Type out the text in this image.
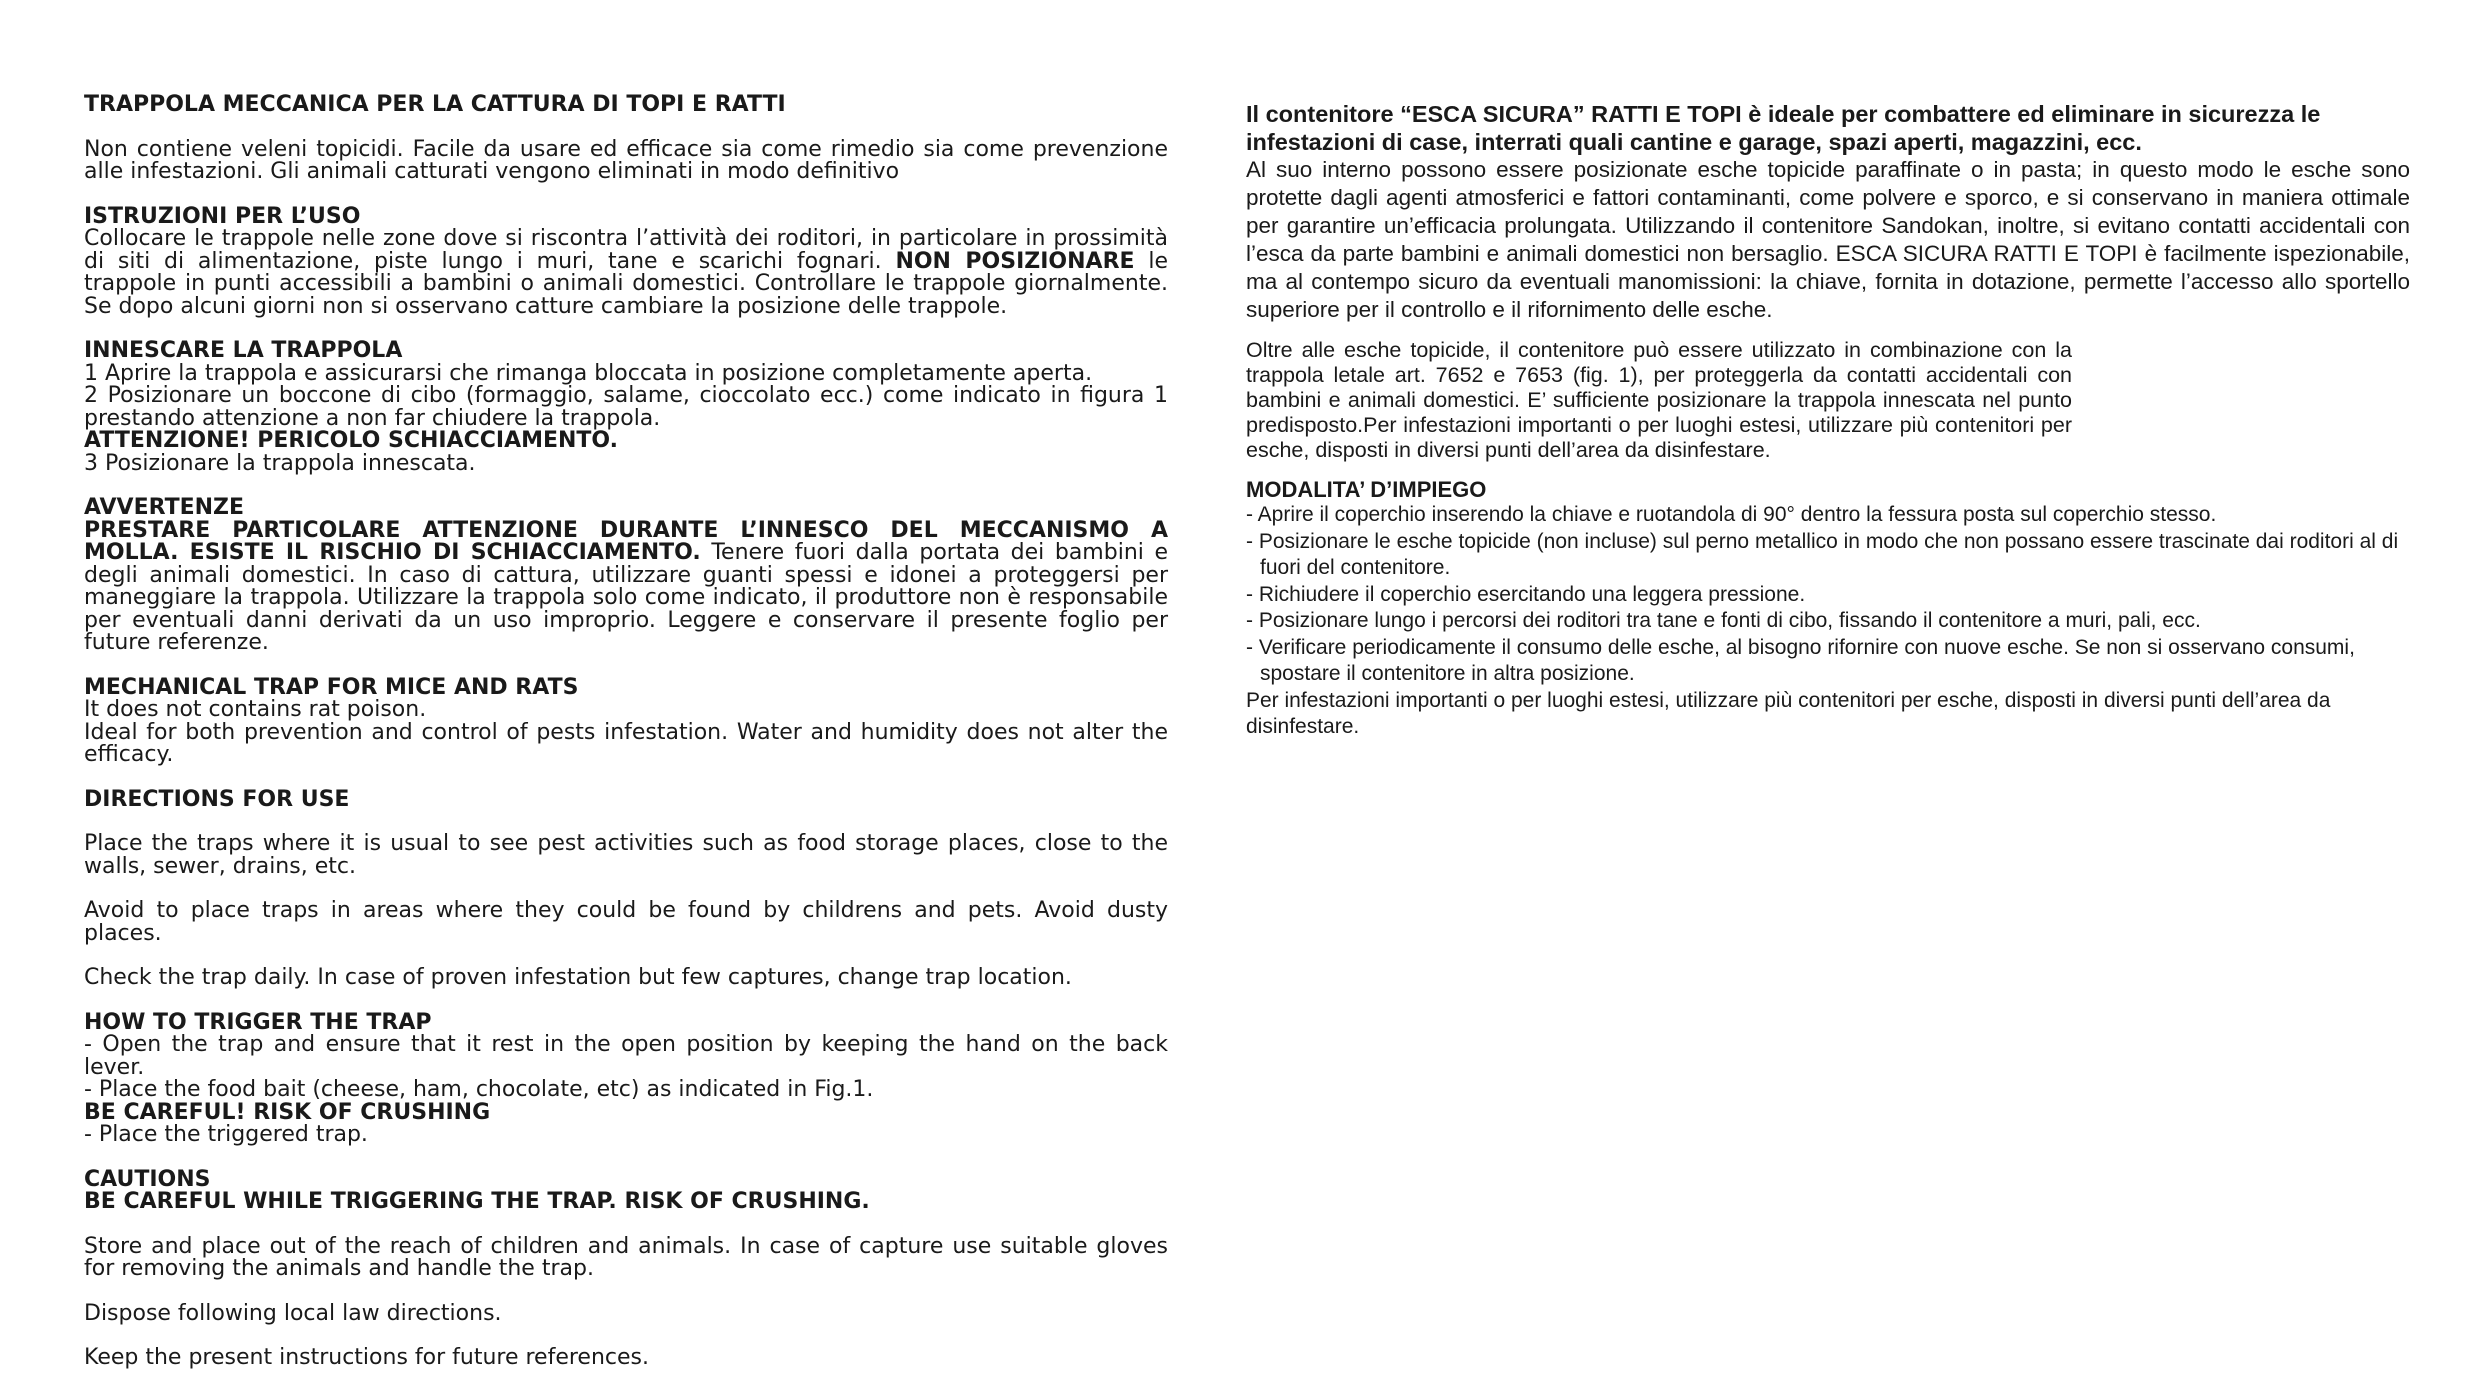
TRAPPOLA MECCANICA PER LA CATTURA DI TOPI E RATTI

Non contiene veleni topicidi. Facile da usare ed efficace sia come rimedio sia come prevenzione alle infestazioni. Gli animali catturati vengono eliminati in modo definitivo

ISTRUZIONI PER L’USO

Collocare le trappole nelle zone dove si riscontra l’attività dei roditori, in particolare in prossimità di siti di alimentazione, piste lungo i muri, tane e scarichi fognari. NON POSIZIONARE le trappole in punti accessibili a bambini o animali domestici. Controllare le trappole giornalmente. Se dopo alcuni giorni non si osservano catture cambiare la posizione delle trappole.

INNESCARE LA TRAPPOLA

1 Aprire la trappola e assicurarsi che rimanga bloccata in posizione completamente aperta.

2 Posizionare un boccone di cibo (formaggio, salame, cioccolato ecc.) come indicato in figura 1 prestando attenzione a non far chiudere la trappola.

ATTENZIONE! PERICOLO SCHIACCIAMENTO.

3 Posizionare la trappola innescata.

AVVERTENZE

PRESTARE PARTICOLARE ATTENZIONE DURANTE L’INNESCO DEL MECCANISMO A MOLLA. ESISTE IL RISCHIO DI SCHIACCIAMENTO. Tenere fuori dalla portata dei bambini e degli animali domestici. In caso di cattura, utilizzare guanti spessi e idonei a proteggersi per maneggiare la trappola. Utilizzare la trappola solo come indicato, il produttore non è responsabile per eventuali danni derivati da un uso improprio. Leggere e conservare il presente foglio per future referenze.

MECHANICAL TRAP FOR MICE AND RATS

It does not contains rat poison.

Ideal for both prevention and control of pests infestation. Water and humidity does not alter the efficacy.

DIRECTIONS FOR USE

Place the traps where it is usual to see pest activities such as food storage places, close to the walls, sewer, drains, etc.

Avoid to place traps in areas where they could be found by childrens and pets. Avoid dusty places.

Check the trap daily. In case of proven infestation but few captures, change trap location.

HOW TO TRIGGER THE TRAP

- Open the trap and ensure that it rest in the open position by keeping the hand on the back lever.

- Place the food bait (cheese, ham, chocolate, etc) as indicated in Fig.1.

BE CAREFUL! RISK OF CRUSHING

- Place the triggered trap.

CAUTIONS

BE CAREFUL WHILE TRIGGERING THE TRAP. RISK OF CRUSHING.

Store and place out of the reach of children and animals. In case of capture use suitable gloves for removing the animals and handle the trap.

Dispose following local law directions.

Keep the present instructions for future references.

Il contenitore “ESCA SICURA” RATTI E TOPI è ideale per combattere ed eliminare in sicurezza le infestazioni di case, interrati quali cantine e garage, spazi aperti, magazzini, ecc.

Al suo interno possono essere posizionate esche topicide paraffinate o in pasta; in questo modo le esche sono protette dagli agenti atmosferici e fattori contaminanti, come polvere e sporco, e si conservano in maniera ottimale per garantire un’efficacia prolungata. Utilizzando il contenitore Sandokan, inoltre, si evitano contatti accidentali con l’esca da parte bambini e animali domestici non bersaglio. ESCA SICURA RATTI E TOPI è facilmente ispezionabile, ma al contempo sicuro da eventuali manomissioni: la chiave, fornita in dotazione, permette l’accesso allo sportello superiore per il controllo e il rifornimento delle esche.

Oltre alle esche topicide, il contenitore può essere utilizzato in combinazione con la trappola letale art. 7652 e 7653 (fig. 1), per proteggerla da contatti accidentali con bambini e animali domestici. E’ sufficiente posizionare la trappola innescata nel punto predisposto.Per infestazioni importanti o per luoghi estesi, utilizzare più contenitori per esche, disposti in diversi punti dell’area da disinfestare.

MODALITA’ D’IMPIEGO

- Aprire il coperchio inserendo la chiave e ruotandola di 90° dentro la fessura posta sul coperchio stesso.
- Posizionare le esche topicide (non incluse) sul perno metallico in modo che non possano essere trascinate dai roditori al di fuori del contenitore.
- Richiudere il coperchio esercitando una leggera pressione.
- Posizionare lungo i percorsi dei roditori tra tane e fonti di cibo, fissando il contenitore a muri, pali, ecc.
- Verificare periodicamente il consumo delle esche, al bisogno rifornire con nuove esche. Se non si osservano consumi, spostare il contenitore in altra posizione.

Per infestazioni importanti o per luoghi estesi, utilizzare più contenitori per esche, disposti in diversi punti dell’area da disinfestare.
